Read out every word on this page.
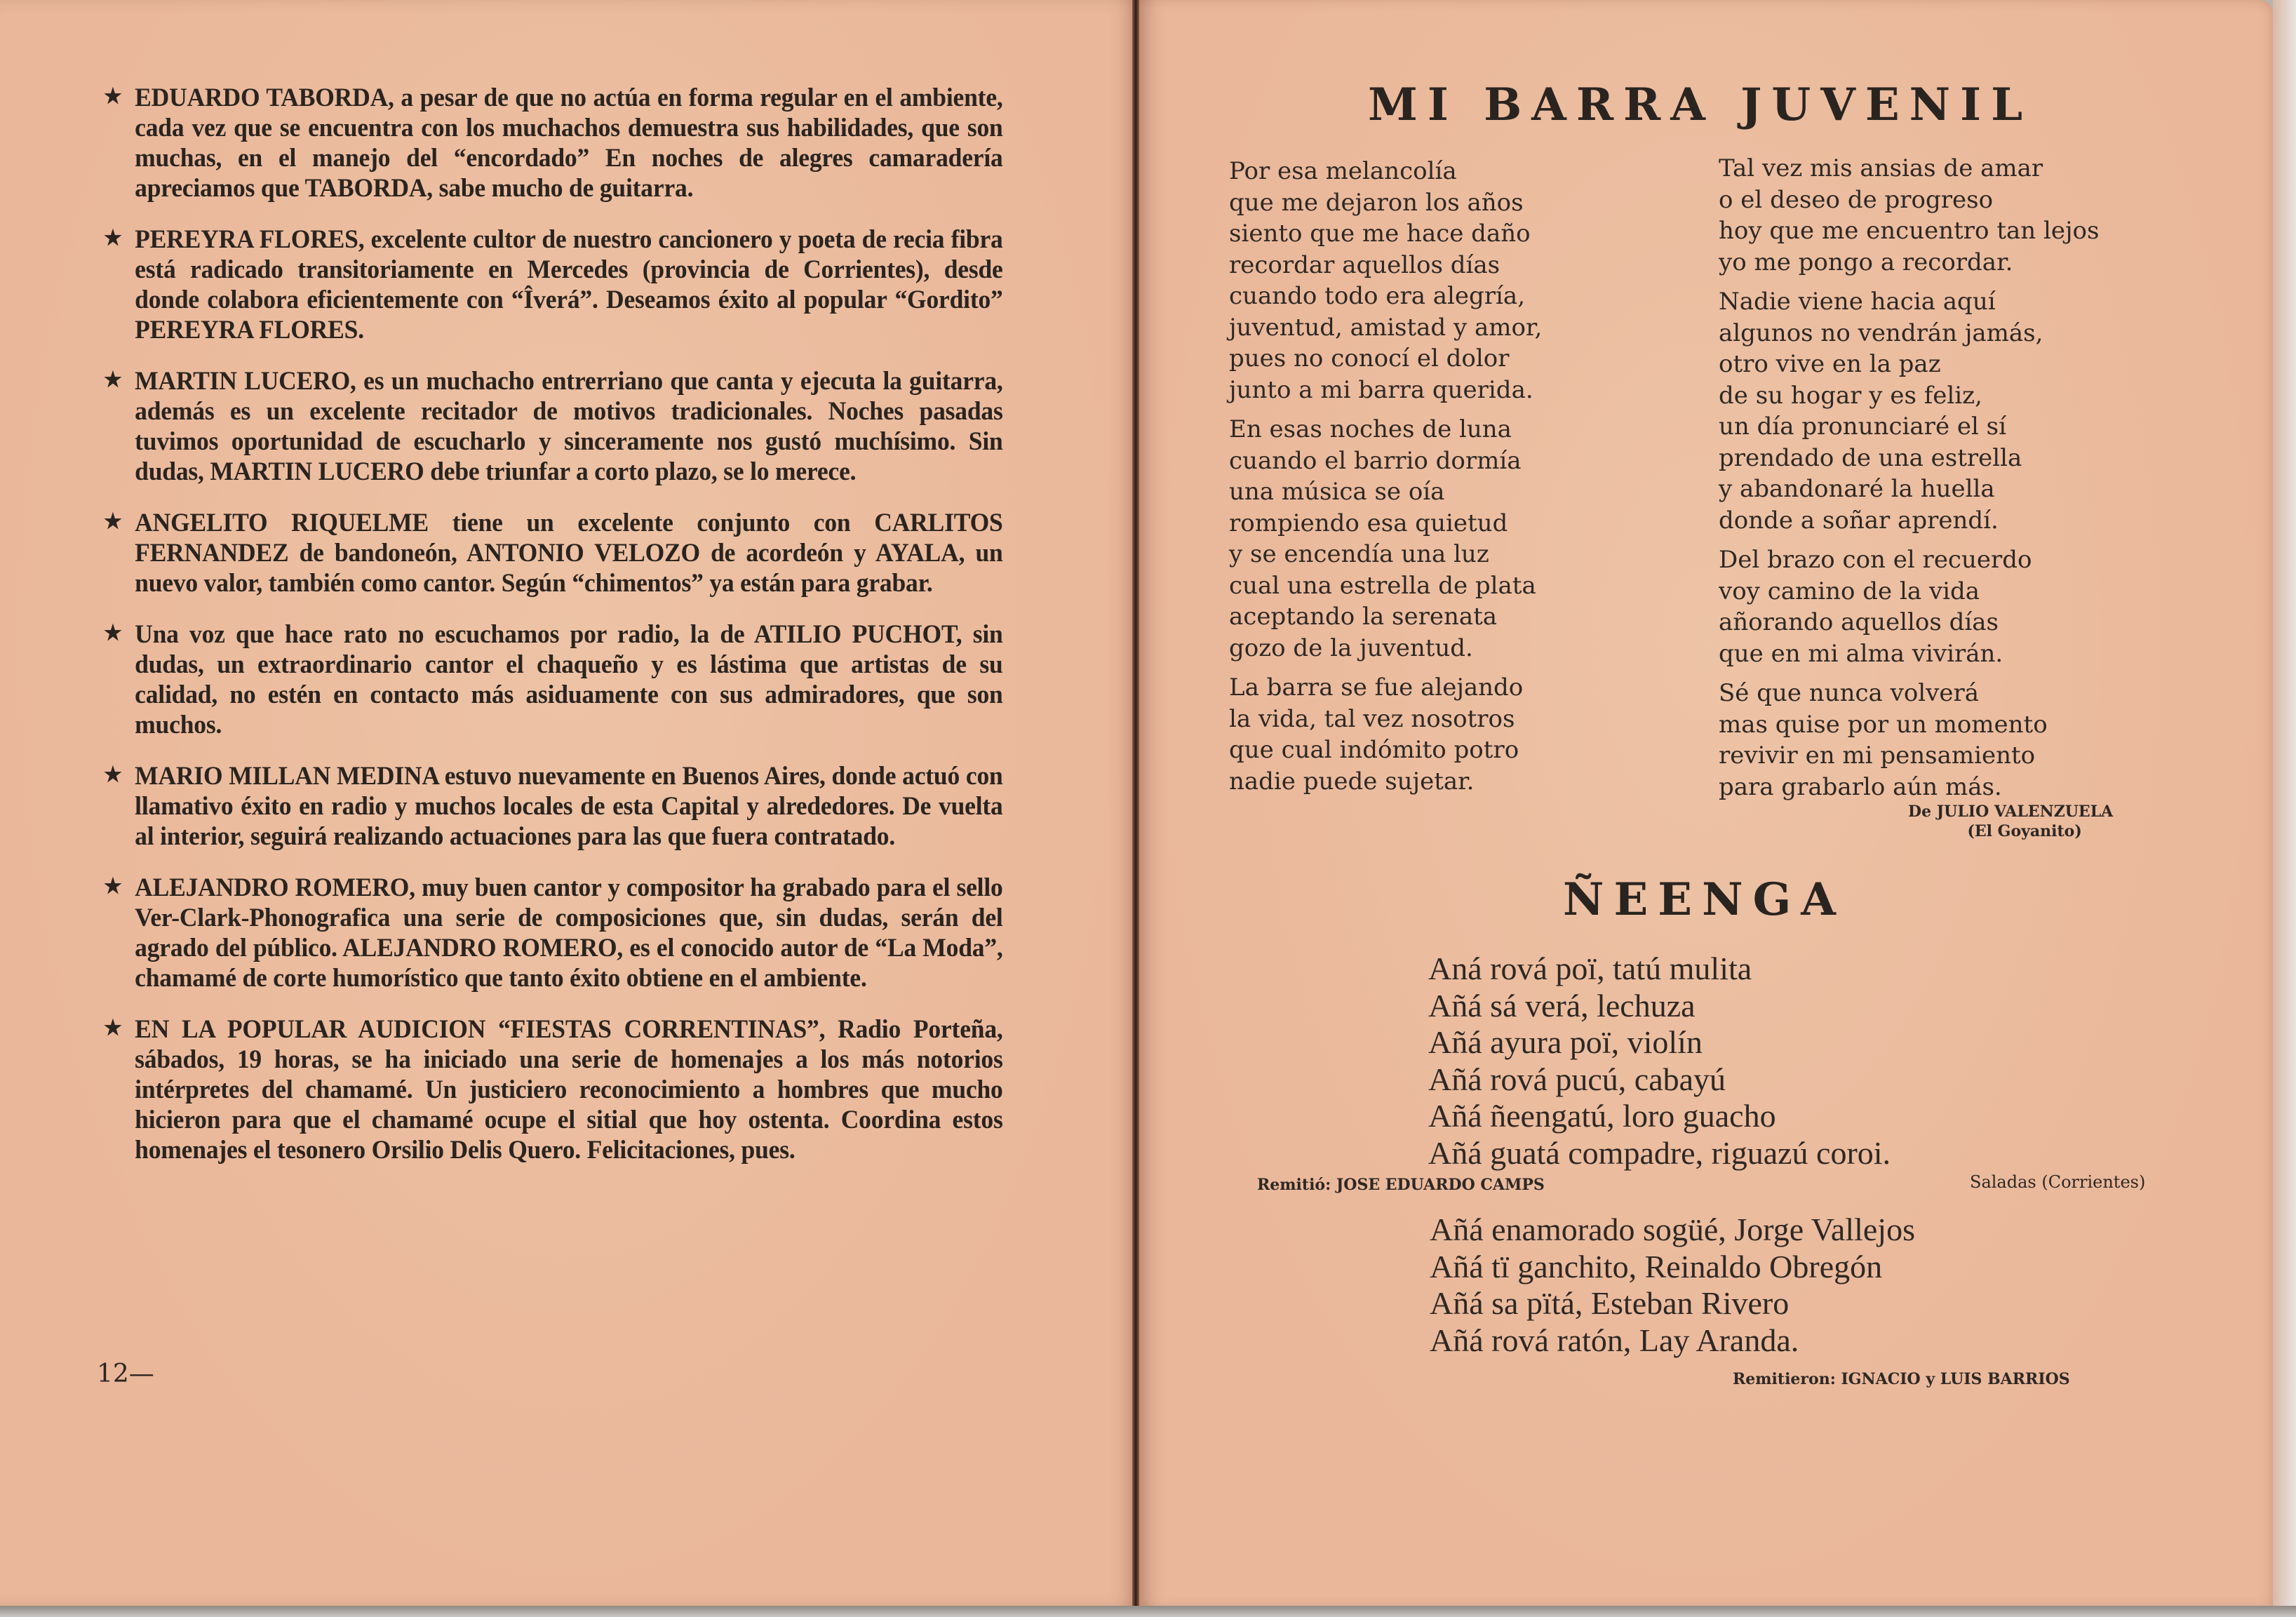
★ EDUARDO TABORDA, a pesar de que no actúa en forma regular en el ambiente, cada vez que se encuentra con los muchachos demuestra sus habilidades, que son muchas, en el manejo del “encordado” En noches de alegres camaradería apreciamos que TABORDA, sabe mucho de guitarra.
★ PEREYRA FLORES, excelente cultor de nuestro cancionero y poeta de recia fibra está radicado transitoriamente en Mercedes (provincia de Corrientes), desde donde colabora eficientemente con “Îverá”. Deseamos éxito al popular “Gordito” PEREYRA FLORES.
★ MARTIN LUCERO, es un muchacho entrerriano que canta y ejecuta la guitarra, además es un excelente recitador de motivos tradicionales. Noches pasadas tuvimos oportunidad de escucharlo y sinceramente nos gustó muchísimo. Sin dudas, MARTIN LUCERO debe triunfar a corto plazo, se lo merece.
★ ANGELITO RIQUELME tiene un excelente conjunto con CARLITOS FERNANDEZ de bandoneón, ANTONIO VELOZO de acordeón y AYALA, un nuevo valor, también como cantor. Según “chimentos” ya están para grabar.
★ Una voz que hace rato no escuchamos por radio, la de ATILIO PUCHOT, sin dudas, un extraordinario cantor el chaqueño y es lástima que artistas de su calidad, no estén en contacto más asiduamente con sus admiradores, que son muchos.
★ MARIO MILLAN MEDINA estuvo nuevamente en Buenos Aires, donde actuó con llamativo éxito en radio y muchos locales de esta Capital y alrededores. De vuelta al interior, seguirá realizando actuaciones para las que fuera contratado.
★ ALEJANDRO ROMERO, muy buen cantor y compositor ha grabado para el sello Ver-Clark-Phonografica una serie de composiciones que, sin dudas, serán del agrado del público. ALEJANDRO ROMERO, es el conocido autor de “La Moda”, chamamé de corte humorístico que tanto éxito obtiene en el ambiente.
★ EN LA POPULAR AUDICION “FIESTAS CORRENTINAS”, Radio Porteña, sábados, 19 horas, se ha iniciado una serie de homenajes a los más notorios intérpretes del chamamé. Un justiciero reconocimiento a hombres que mucho hicieron para que el chamamé ocupe el sitial que hoy ostenta. Coordina estos homenajes el tesonero Orsilio Delis Quero. Felicitaciones, pues.
12—
MI BARRA JUVENIL
Por esa melancolía
que me dejaron los años
siento que me hace daño
recordar aquellos días
cuando todo era alegría,
juventud, amistad y amor,
pues no conocí el dolor
junto a mi barra querida.
En esas noches de luna
cuando el barrio dormía
una música se oía
rompiendo esa quietud
y se encendía una luz
cual una estrella de plata
aceptando la serenata
gozo de la juventud.
La barra se fue alejando
la vida, tal vez nosotros
que cual indómito potro
nadie puede sujetar.
Tal vez mis ansias de amar
o el deseo de progreso
hoy que me encuentro tan lejos
yo me pongo a recordar.
Nadie viene hacia aquí
algunos no vendrán jamás,
otro vive en la paz
de su hogar y es feliz,
un día pronunciaré el sí
prendado de una estrella
y abandonaré la huella
donde a soñar aprendí.
Del brazo con el recuerdo
voy camino de la vida
añorando aquellos días
que en mi alma vivirán.
Sé que nunca volverá
mas quise por un momento
revivir en mi pensamiento
para grabarlo aún más.
De JULIO VALENZUELA
(El Goyanito)
ÑEENGA
Aná rová poï, tatú mulita
Añá sá verá, lechuza
Añá ayura poï, violín
Añá rová pucú, cabayú
Añá ñeengatú, loro guacho
Añá guatá compadre, riguazú coroi.
Remitió: JOSE EDUARDO CAMPS	Saladas (Corrientes)
Añá enamorado sogüé, Jorge Vallejos
Añá tï ganchito, Reinaldo Obregón
Añá sa pïtá, Esteban Rivero
Añá rová ratón, Lay Aranda.
Remitieron: IGNACIO y LUIS BARRIOS
